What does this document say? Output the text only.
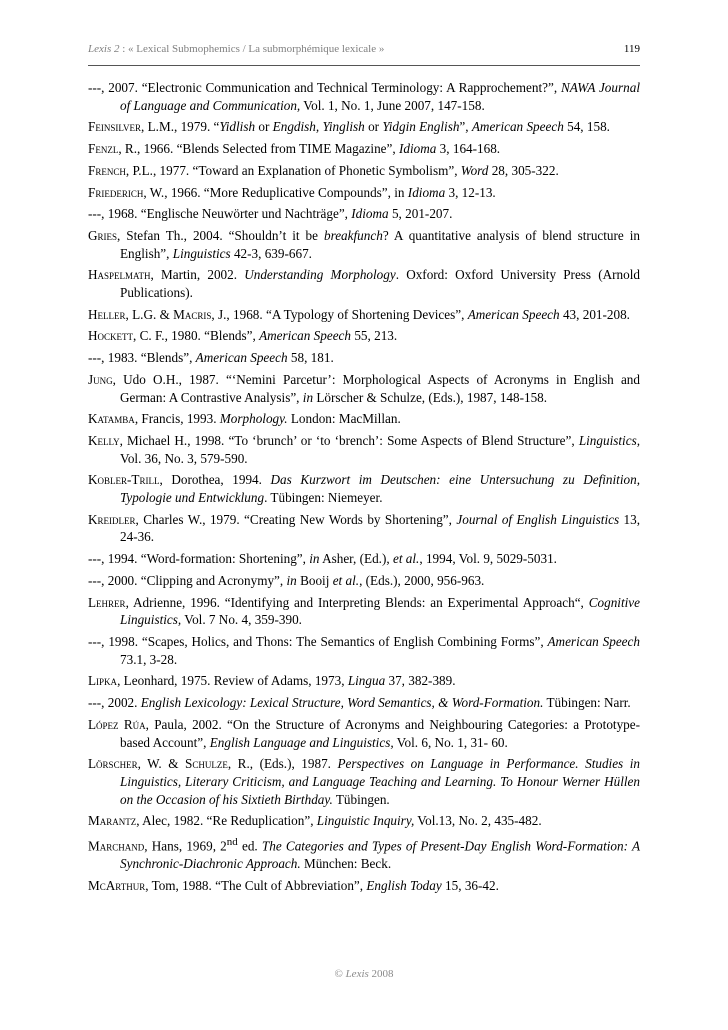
Lexis 2 : « Lexical Submophemics / La submorphémique lexicale »	119

---, 2007. “Electronic Communication and Technical Terminology: A Rapprochement?”, NAWA Journal of Language and Communication, Vol. 1, No. 1, June 2007, 147-158.

Feinsilver, L.M., 1979. “Yidlish or Engdish, Yinglish or Yidgin English”, American Speech 54, 158.

Fenzl, R., 1966. “Blends Selected from TIME Magazine”, Idioma 3, 164-168.

French, P.L., 1977. “Toward an Explanation of Phonetic Symbolism”, Word 28, 305-322.

Friederich, W., 1966. “More Reduplicative Compounds”, in Idioma 3, 12-13.

---, 1968. “Englische Neuwörter und Nachträge”, Idioma 5, 201-207.

Gries, Stefan Th., 2004. “Shouldn’t it be breakfunch? A quantitative analysis of blend structure in English”, Linguistics 42-3, 639-667.

Haspelmath, Martin, 2002. Understanding Morphology. Oxford: Oxford University Press (Arnold Publications).

Heller, L.G. & Macris, J., 1968. “A Typology of Shortening Devices”, American Speech 43, 201-208.

Hockett, C. F., 1980. “Blends”, American Speech 55, 213.

---, 1983. “Blends”, American Speech 58, 181.

Jung, Udo O.H., 1987. “‘Nemini Parcetur’: Morphological Aspects of Acronyms in English and German: A Contrastive Analysis”, in Lörscher & Schulze, (Eds.), 1987, 148-158.

Katamba, Francis, 1993. Morphology. London: MacMillan.

Kelly, Michael H., 1998. “To ‘brunch’ or ‘to ‘brench’: Some Aspects of Blend Structure”, Linguistics, Vol. 36, No. 3, 579-590.

Kobler-Trill, Dorothea, 1994. Das Kurzwort im Deutschen: eine Untersuchung zu Definition, Typologie und Entwicklung. Tübingen: Niemeyer.

Kreidler, Charles W., 1979. “Creating New Words by Shortening”, Journal of English Linguistics 13, 24-36.

---, 1994. “Word-formation: Shortening”, in Asher, (Ed.), et al., 1994, Vol. 9, 5029-5031.

---, 2000. “Clipping and Acronymy”, in Booij et al., (Eds.), 2000, 956-963.

Lehrer, Adrienne, 1996. “Identifying and Interpreting Blends: an Experimental Approach“, Cognitive Linguistics, Vol. 7 No. 4, 359-390.

---, 1998. “Scapes, Holics, and Thons: The Semantics of English Combining Forms”, American Speech 73.1, 3-28.

Lipka, Leonhard, 1975. Review of Adams, 1973, Lingua 37, 382-389.

---, 2002. English Lexicology: Lexical Structure, Word Semantics, & Word-Formation. Tübingen: Narr.

López Rúa, Paula, 2002. “On the Structure of Acronyms and Neighbouring Categories: a Prototype-based Account”, English Language and Linguistics, Vol. 6, No. 1, 31- 60.

Lörscher, W. & Schulze, R., (Eds.), 1987. Perspectives on Language in Performance. Studies in Linguistics, Literary Criticism, and Language Teaching and Learning. To Honour Werner Hüllen on the Occasion of his Sixtieth Birthday. Tübingen.

Marantz, Alec, 1982. “Re Reduplication”, Linguistic Inquiry, Vol.13, No. 2, 435-482.

Marchand, Hans, 1969, 2nd ed. The Categories and Types of Present-Day English Word-Formation: A Synchronic-Diachronic Approach. München: Beck.

McArthur, Tom, 1988. “The Cult of Abbreviation”, English Today 15, 36-42.

© Lexis 2008
